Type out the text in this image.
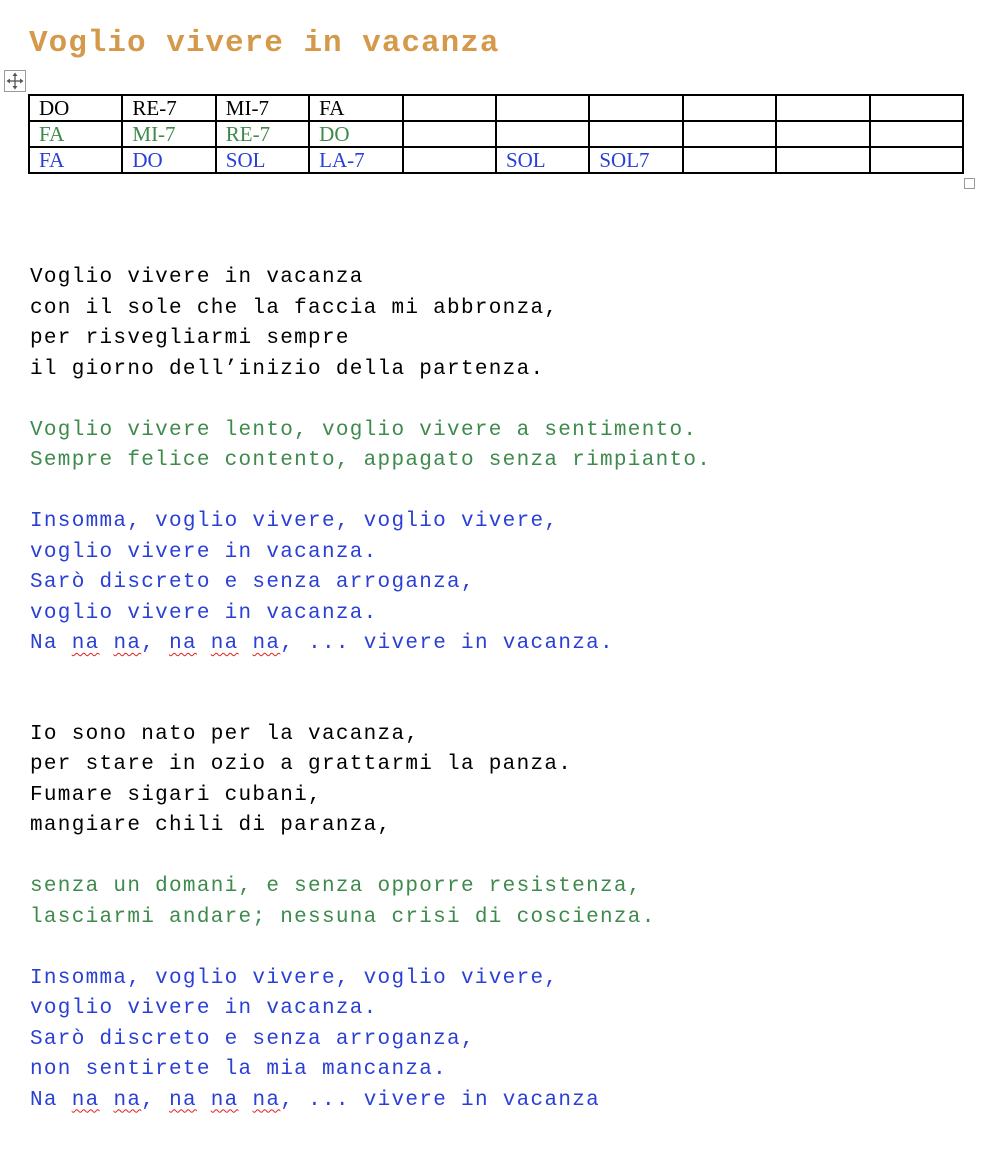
Voglio vivere in vacanza
DO	RE-7	MI-7	FA						
FA	MI-7	RE-7	DO						
FA	DO	SOL	LA-7		SOL	SOL7			
Voglio vivere in vacanza
con il sole che la faccia mi abbronza,
per risvegliarmi sempre
il giorno dell’inizio della partenza.
Voglio vivere lento, voglio vivere a sentimento.
Sempre felice contento, appagato senza rimpianto.
Insomma, voglio vivere, voglio vivere,
voglio vivere in vacanza.
Sarò discreto e senza arroganza,
voglio vivere in vacanza.
Na na na, na na na, ... vivere in vacanza.
Io sono nato per la vacanza,
per stare in ozio a grattarmi la panza.
Fumare sigari cubani,
mangiare chili di paranza,
senza un domani, e senza opporre resistenza,
lasciarmi andare; nessuna crisi di coscienza.
Insomma, voglio vivere, voglio vivere,
voglio vivere in vacanza.
Sarò discreto e senza arroganza,
non sentirete la mia mancanza.
Na na na, na na na, ... vivere in vacanza
